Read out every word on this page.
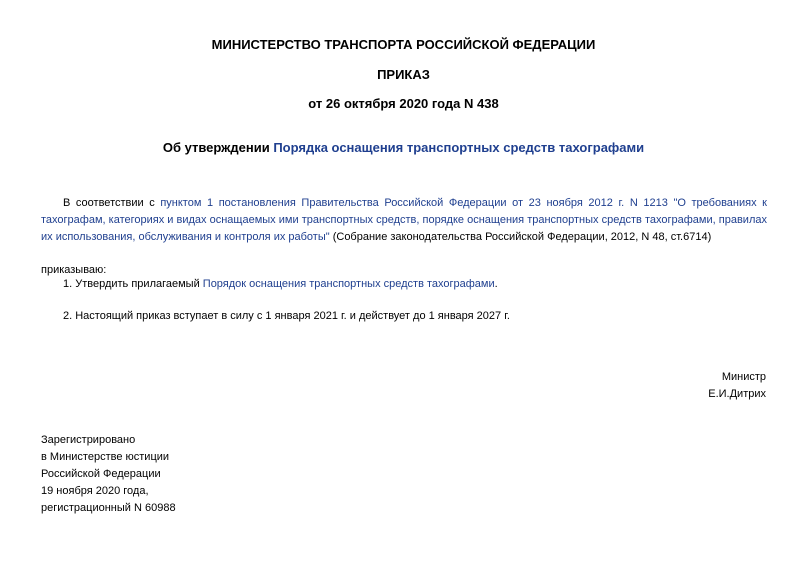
МИНИСТЕРСТВО ТРАНСПОРТА РОССИЙСКОЙ ФЕДЕРАЦИИ
ПРИКАЗ
от 26 октября 2020 года N 438
Об утверждении Порядка оснащения транспортных средств тахографами
В соответствии с пунктом 1 постановления Правительства Российской Федерации от 23 ноября 2012 г. N 1213 "О требованиях к тахографам, категориях и видах оснащаемых ими транспортных средств, порядке оснащения транспортных средств тахографами, правилах их использования, обслуживания и контроля их работы" (Собрание законодательства Российской Федерации, 2012, N 48, ст.6714)
приказываю:
1. Утвердить прилагаемый Порядок оснащения транспортных средств тахографами.
2. Настоящий приказ вступает в силу с 1 января 2021 г. и действует до 1 января 2027 г.
Министр
Е.И.Дитрих
Зарегистрировано
в Министерстве юстиции
Российской Федерации
19 ноября 2020 года,
регистрационный N 60988
